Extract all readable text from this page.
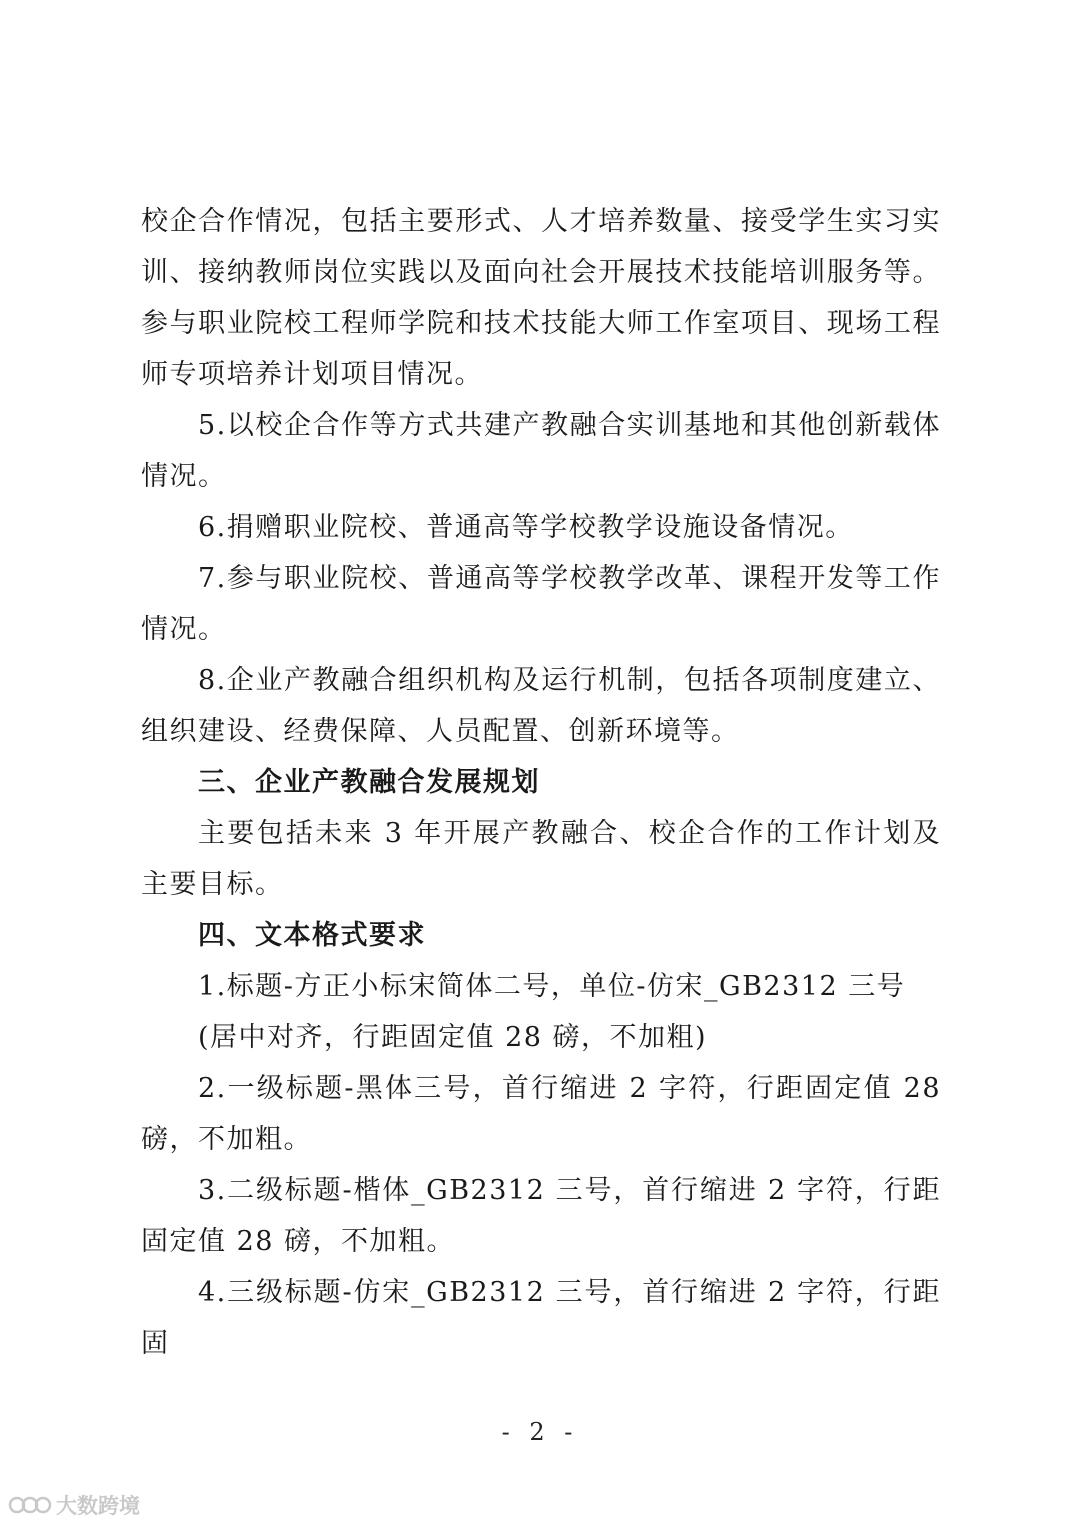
校企合作情况，包括主要形式、人才培养数量、接受学生实习实训、接纳教师岗位实践以及面向社会开展技术技能培训服务等。参与职业院校工程师学院和技术技能大师工作室项目、现场工程师专项培养计划项目情况。

5.以校企合作等方式共建产教融合实训基地和其他创新载体情况。

6.捐赠职业院校、普通高等学校教学设施设备情况。

7.参与职业院校、普通高等学校教学改革、课程开发等工作情况。

8.企业产教融合组织机构及运行机制，包括各项制度建立、组织建设、经费保障、人员配置、创新环境等。

三、企业产教融合发展规划

主要包括未来 3 年开展产教融合、校企合作的工作计划及主要目标。

四、文本格式要求

1.标题-方正小标宋简体二号，单位-仿宋_GB2312 三号

(居中对齐，行距固定值 28 磅，不加粗)

2.一级标题-黑体三号，首行缩进 2 字符，行距固定值 28 磅，不加粗。

3.二级标题-楷体_GB2312 三号，首行缩进 2 字符，行距固定值 28 磅，不加粗。

4.三级标题-仿宋_GB2312 三号，首行缩进 2 字符，行距固

- 2 -
大数跨境
